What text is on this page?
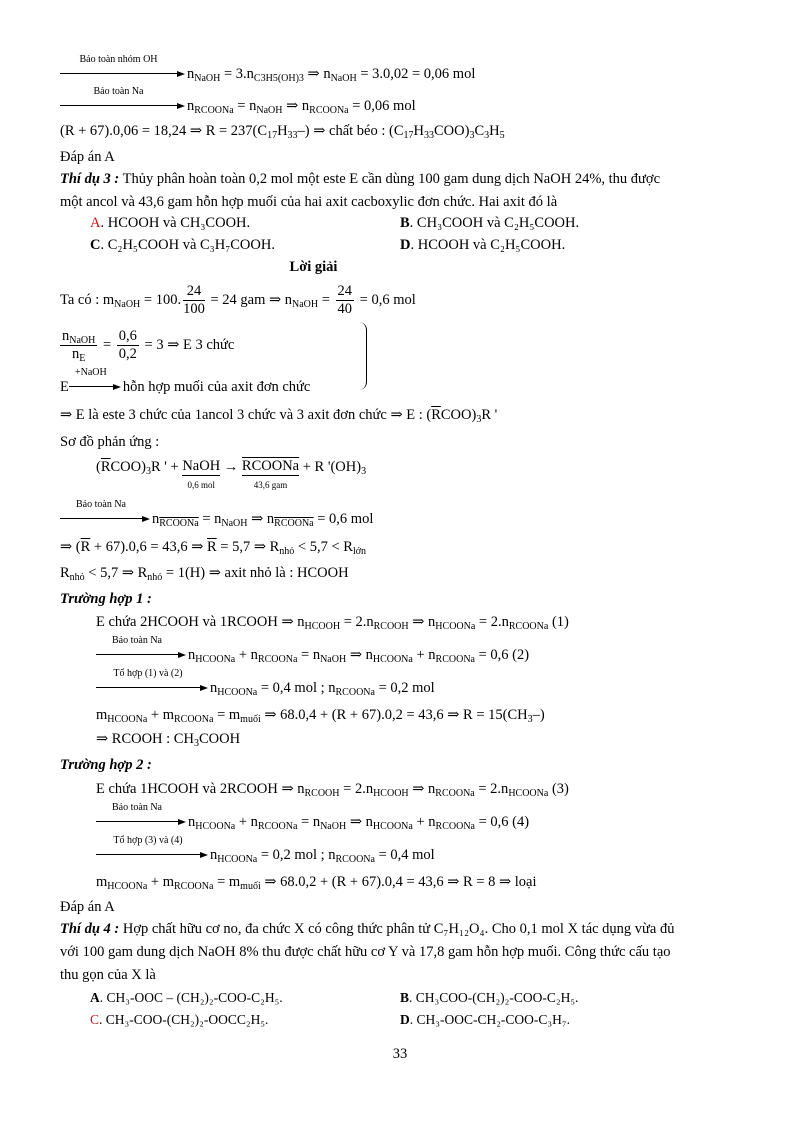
Bảo toàn nhóm OH
$n_{NaOH} = 3.n_{C3H5(OH)3}$ ⇒ $n_{NaOH} = 3.0,02 = 0,06$ mol
Bảo toàn Na
$n_{RCOONa} = n_{NaOH}$ ⇒ $n_{RCOONa} = 0,06$ mol
(R + 67).0,06 = 18,24 ⇒ $R = 237(C_{17}H_{33}-)$ ⇒ chất béo : $(C_{17}H_{33}COO)_3C_3H_5$
Đáp án A
Thí dụ 3 : Thủy phân hoàn toàn 0,2 mol một este E cần dùng 100 gam dung dịch NaOH 24%, thu được
một ancol và 43,6 gam hỗn hợp muối của hai axit cacboxylic đơn chức. Hai axit đó là
A. HCOOH và CH₃COOH.	B. CH₃COOH và C₂H₅COOH.
C. C₂H₅COOH và C₃H₇COOH.	D. HCOOH và C₂H₅COOH.
Lời giải
Ta có : $m_{NaOH} = 100$. $\frac{24}{100} = 24$ gam ⇒ $n_{NaOH} = \frac{24}{40} = 0,6$ mol
$\frac{n_{NaOH}}{n_E} = \frac{0,6}{0,2} = 3$ ⇒ E 3 chức
E
+NaOH
hỗn hợp muối của axit đơn chức
⇒ E là este 3 chức của 1ancol 3 chức và 3 axit đơn chức ⇒ E : $(\overline{R}COO)_3R$ '
Sơ đồ phản ứng :
$(\overline{R}COO)_3R$ ' + NaOH
0,6 mol
→ RCOONa
43,6 gam
+ R '$(OH)_3$
Bảo toàn Na
$n_{RCOONa} = n_{NaOH}$ ⇒ $n_{RCOONa} = 0,6$ mol
⇒ $(\overline{R} + 67).0,6 = 43,6$ ⇒ $\overline{R} = 5,7$ ⇒ $R_{nhỏ} < 5,7 < R_{lớn}$
$R_{nhỏ} < 5,7$ ⇒ $R_{nhỏ} = 1(H)$ ⇒ axit nhỏ là : HCOOH
Trường hợp 1 :
E chứa 2HCOOH và 1RCOOH ⇒ $n_{HCOOH} = 2.n_{RCOOH}$ ⇒ $n_{HCOONa} = 2.n_{RCOONa}$ (1)
Bảo toàn Na
$n_{HCOONa} + n_{RCOONa} = n_{NaOH}$ ⇒ $n_{HCOONa} + n_{RCOONa} = 0,6$ (2)
Tổ hợp (1) và (2)
$n_{HCOONa} = 0,4$ mol ; $n_{RCOONa} = 0,2$ mol
$m_{HCOONa} + m_{RCOONa} = m_{muối}$ ⇒ 68.0,4 + (R + 67).0,2 = 43,6 ⇒ $R = 15(CH_3-)$
⇒ RCOOH : $CH_3COOH$
Trường hợp 2 :
E chứa 1HCOOH và 2RCOOH ⇒ $n_{RCOOH} = 2.n_{HCOOH}$ ⇒ $n_{RCOONa} = 2.n_{HCOONa}$ (3)
Bảo toàn Na
$n_{HCOONa} + n_{RCOONa} = n_{NaOH}$ ⇒ $n_{HCOONa} + n_{RCOONa} = 0,6$ (4)
Tổ hợp (3) và (4)
$n_{HCOONa} = 0,2$ mol ; $n_{RCOONa} = 0,4$ mol
$m_{HCOONa} + m_{RCOONa} = m_{muối}$ ⇒ 68.0,2 + (R + 67).0,4 = 43,6 ⇒ R = 8 ⇒ loại
Đáp án A
Thí dụ 4 : Hợp chất hữu cơ no, đa chức X có công thức phân tử C₇H₁₂O₄. Cho 0,1 mol X tác dụng vừa đủ
với 100 gam dung dịch NaOH 8% thu được chất hữu cơ Y và 17,8 gam hỗn hợp muối. Công thức cấu tạo
thu gọn của X là
A. CH₃-OOC – (CH₂)₂-COO-C₂H₅.	B. CH₃COO-(CH₂)₂-COO-C₂H₅.
C. CH₃-COO-(CH₂)₂-OOCC₂H₅.	D. CH₃-OOC-CH₂-COO-C₃H₇.
33
